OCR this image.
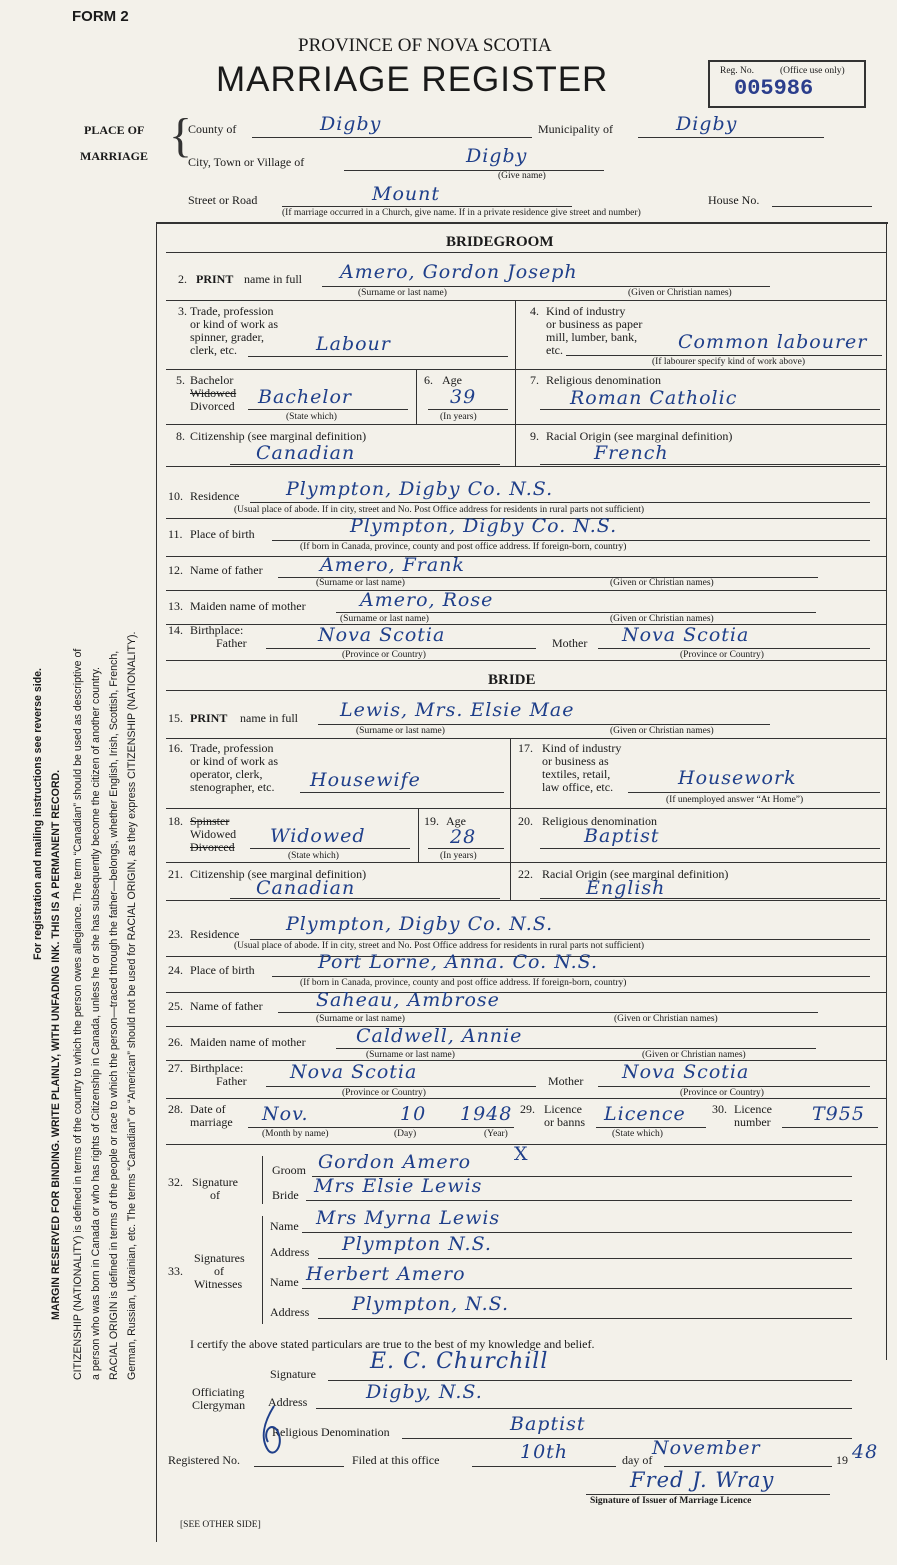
For registration and mailing instructions see reverse side. MARGIN RESERVED FOR BINDING. WRITE PLAINLY, WITH UNFADING INK. THIS IS A PERMANENT RECORD. CITIZENSHIP (NATIONALITY) is defined in terms of the country to which the person owes allegiance. The term “Canadian” should be used as descriptive of a person who was born in Canada or who has rights of Citizenship in Canada, unless he or she has subsequently become the citizen of another country. RACIAL ORIGIN is defined in terms of the people or race to which the person—traced through the father—belongs, whether English, Irish, Scottish, French, German, Russian, Ukrainian, etc. The terms “Canadian” or “American” should not be used for RACIAL ORIGIN, as they express CITIZENSHIP (NATIONALITY).
FORM 2
PROVINCE OF NOVA SCOTIA
MARRIAGE REGISTER	Reg. No.	(Office use only)
005986
PLACE OF
MARRIAGE {
County of	Digby	Municipality of	Digby
City, Town or Village of	Digby
(Give name)
Street or Road	Mount	House No.
(If marriage occurred in a Church, give name. If in a private residence give street and number)
BRIDEGROOM
2. PRINT name in full Amero, Gordon Joseph
(Surname or last name)	(Given or Christian names)
3. Trade, profession
or kind of work as
spinner, grader,
clerk, etc.	Labour
4. Kind of industry
or business as paper
mill, lumber, bank,
etc.	Common labourer
(If labourer specify kind of work above)
5. Bachelor
Widowed
Divorced Bachelor
(State which)
6. Age
39
(In years)
7. Religious denomination
Roman Catholic
8. Citizenship (see marginal definition)
Canadian
9. Racial Origin (see marginal definition)
French
10. Residence Plympton, Digby Co. N.S.
(Usual place of abode. If in city, street and No. Post Office address for residents in rural parts not sufficient)
11. Place of birth	Plympton, Digby Co. N.S.
(If born in Canada, province, county and post office address. If foreign-born, country)
12. Name of father	Amero, Frank
(Surname or last name)	(Given or Christian names)
13. Maiden name of mother	Amero, Rose
(Surname or last name)	(Given or Christian names)
14. Birthplace:
Father	Nova Scotia
(Province or Country)
Mother Nova Scotia
(Province or Country)
BRIDE
15. PRINT name in full Lewis, Mrs. Elsie Mae
(Surname or last name)	(Given or Christian names)
16. Trade, profession
or kind of work as
operator, clerk,
stenographer, etc. Housewife
17. Kind of industry
or business as
textiles, retail,
law office, etc.	Housework
(If unemployed answer “At Home”)
18. Spinster
Widowed
Divorced Widowed
(State which)
19. Age
28
(In years)
20. Religious denomination
Baptist
21. Citizenship (see marginal definition)
Canadian
22. Racial Origin (see marginal definition)
English
23. Residence Plympton, Digby Co. N.S.
(Usual place of abode. If in city, street and No. Post Office address for residents in rural parts not sufficient)
24. Place of birth	Port Lorne, Anna. Co. N.S.
(If born in Canada, province, county and post office address. If foreign-born, country)
25. Name of father	Saheau, Ambrose
(Surname or last name)	(Given or Christian names)
26. Maiden name of mother	Caldwell, Annie
(Surname or last name)	(Given or Christian names)
27. Birthplace:
Father Nova Scotia
(Province or Country)
Mother Nova Scotia
(Province or Country)
28. Date of
marriage Nov.	10 1948
(Month by name)	(Day)	(Year)
29. Licence
or banns Licence
(State which)
30. Licence
number T955
32. Signature
of
Groom Gordon Amero X
Bride Mrs Elsie Lewis
33.
Signatures
of
Witnesses
Name Mrs Myrna Lewis
Address Plympton N.S.
Name Herbert Amero
Address Plympton, N.S.
I certify the above stated particulars are true to the best of my knowledge and belief.
Signature E. C. Churchill
Officiating
Clergyman Address	Digby, N.S.
Religious Denomination	Baptist
Registered No.	Filed at this office	10th	day of
November
19 48
Fred J. Wray
Signature of Issuer of Marriage Licence
[SEE OTHER SIDE]
